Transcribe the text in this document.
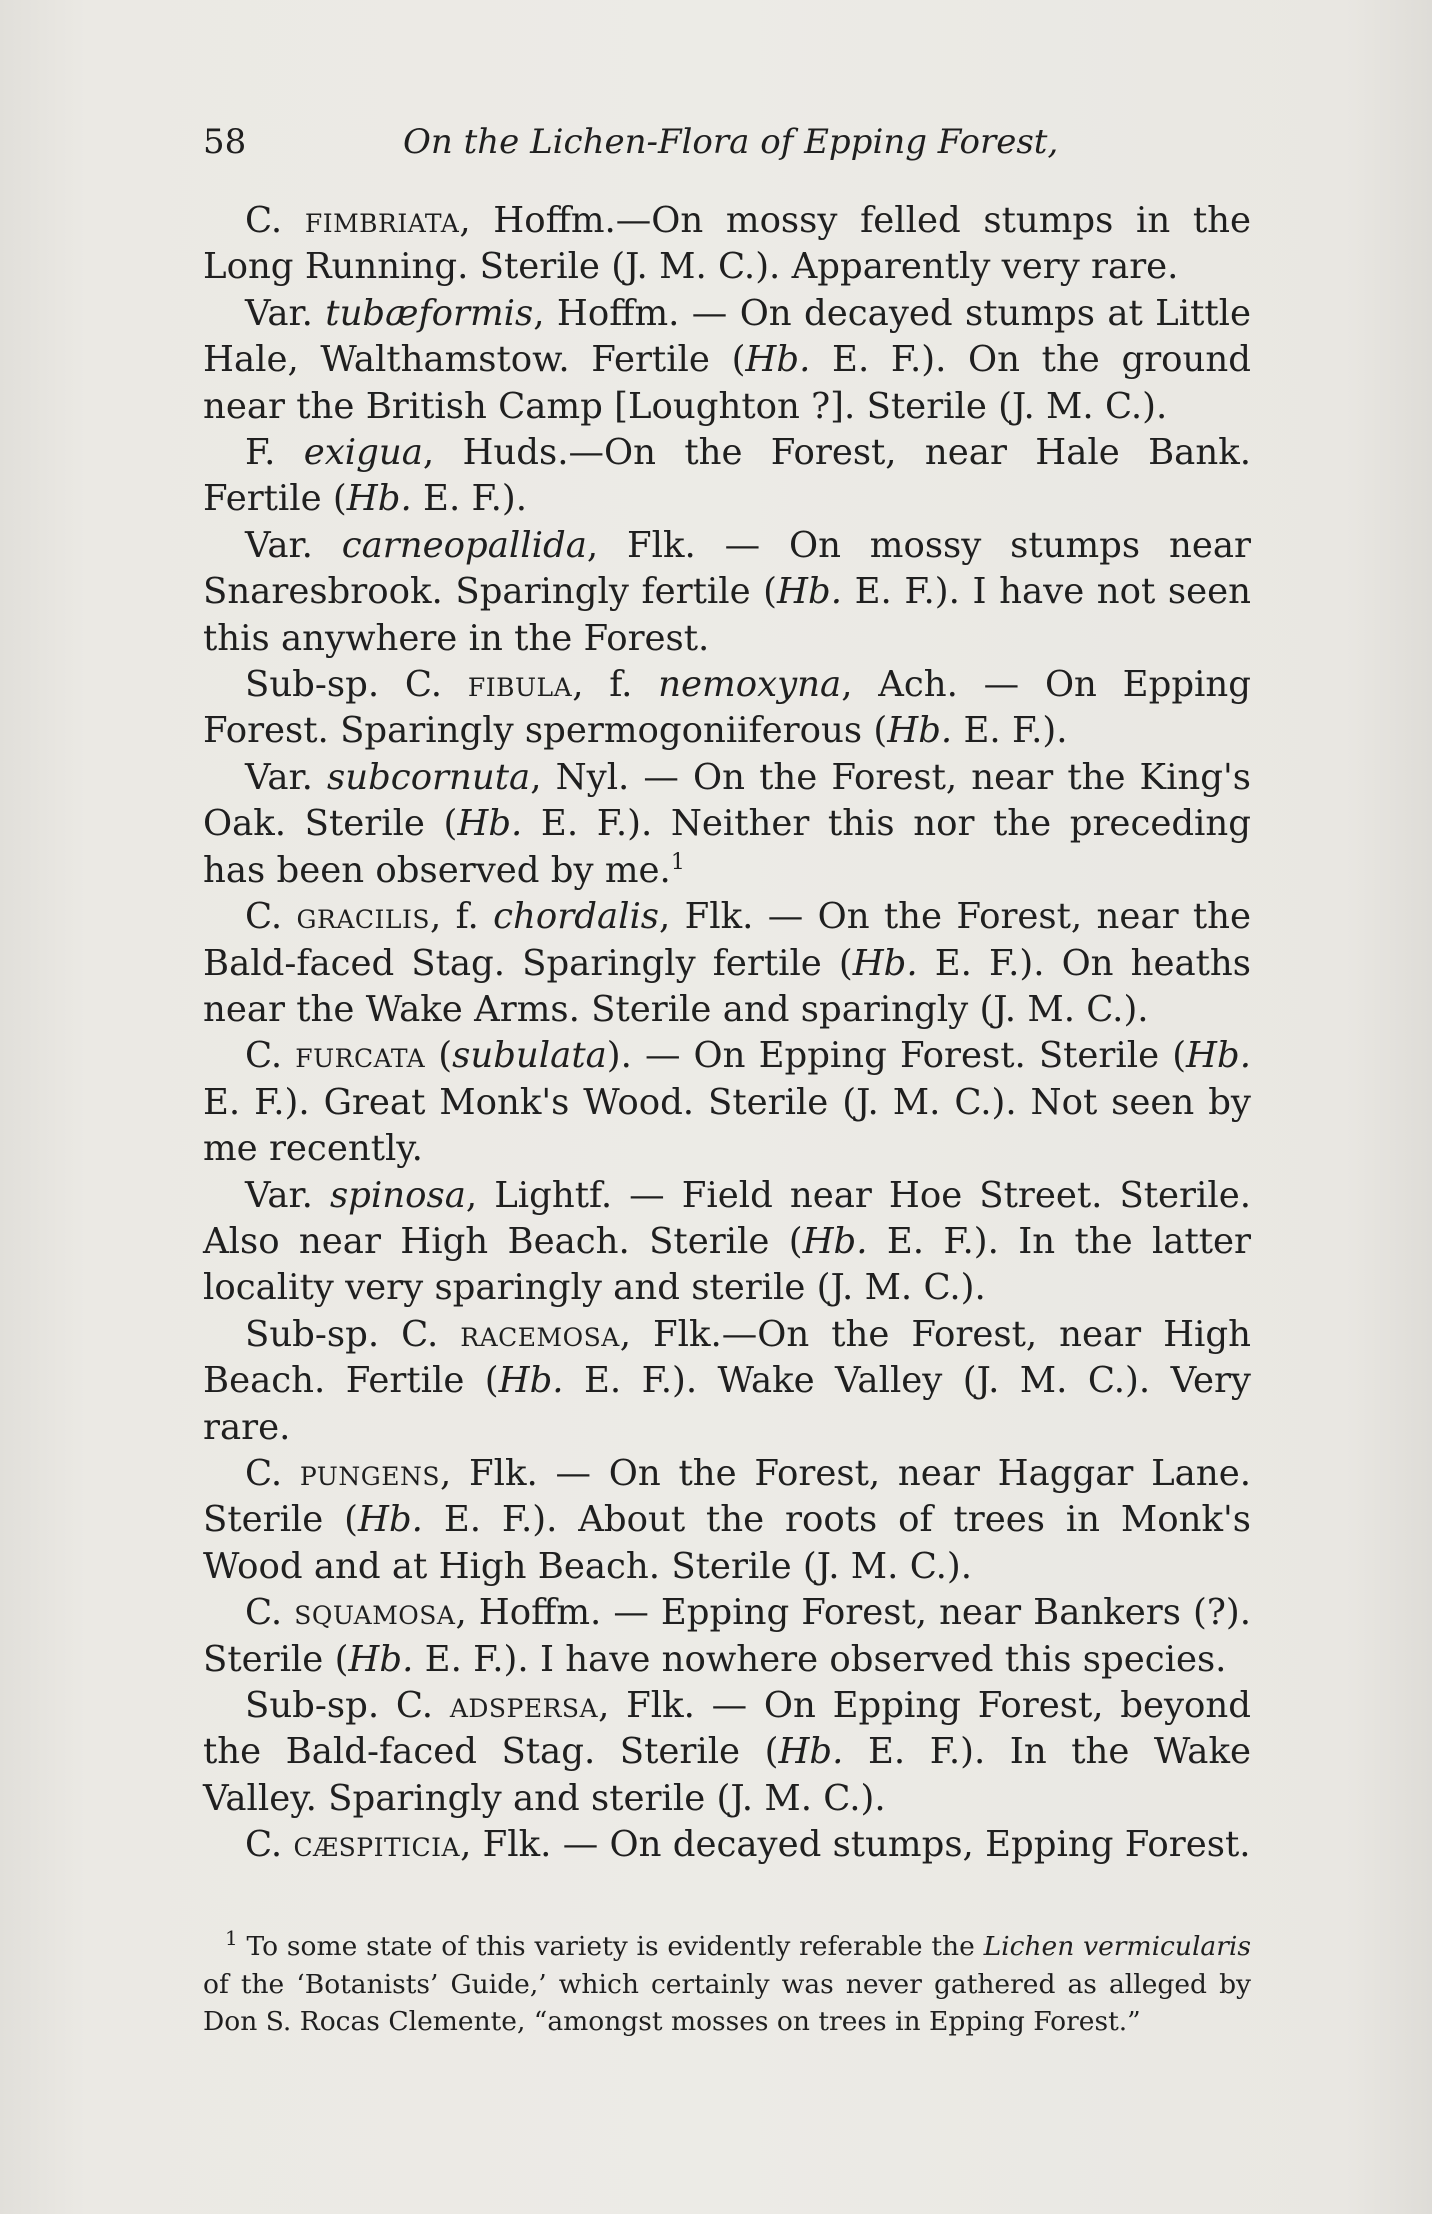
58	On the Lichen-Flora of Epping Forest,

C. fimbriata, Hoffm.—On mossy felled stumps in the Long Running. Sterile (J. M. C.). Apparently very rare.

Var. tubæformis, Hoffm. — On decayed stumps at Little Hale, Walthamstow. Fertile (Hb. E. F.). On the ground near the British Camp [Loughton ?]. Sterile (J. M. C.).

F. exigua, Huds.—On the Forest, near Hale Bank. Fertile (Hb. E. F.).

Var. carneopallida, Flk. — On mossy stumps near Snaresbrook. Sparingly fertile (Hb. E. F.). I have not seen this anywhere in the Forest.

Sub-sp. C. fibula, f. nemoxyna, Ach. — On Epping Forest. Sparingly spermogoniiferous (Hb. E. F.).

Var. subcornuta, Nyl. — On the Forest, near the King's Oak. Sterile (Hb. E. F.). Neither this nor the preceding has been observed by me.$^1$

C. gracilis, f. chordalis, Flk. — On the Forest, near the Bald-faced Stag. Sparingly fertile (Hb. E. F.). On heaths near the Wake Arms. Sterile and sparingly (J. M. C.).

C. furcata (subulata). — On Epping Forest. Sterile (Hb. E. F.). Great Monk's Wood. Sterile (J. M. C.). Not seen by me recently.

Var. spinosa, Lightf. — Field near Hoe Street. Sterile. Also near High Beach. Sterile (Hb. E. F.). In the latter locality very sparingly and sterile (J. M. C.).

Sub-sp. C. racemosa, Flk.—On the Forest, near High Beach. Fertile (Hb. E. F.). Wake Valley (J. M. C.). Very rare.

C. pungens, Flk. — On the Forest, near Haggar Lane. Sterile (Hb. E. F.). About the roots of trees in Monk's Wood and at High Beach. Sterile (J. M. C.).

C. squamosa, Hoffm. — Epping Forest, near Bankers (?). Sterile (Hb. E. F.). I have nowhere observed this species.

Sub-sp. C. adspersa, Flk. — On Epping Forest, beyond the Bald-faced Stag. Sterile (Hb. E. F.). In the Wake Valley. Sparingly and sterile (J. M. C.).

C. cæspiticia, Flk. — On decayed stumps, Epping Forest.

$^1$ To some state of this variety is evidently referable the Lichen vermicularis of the ‘Botanists’ Guide,’ which certainly was never gathered as alleged by Don S. Rocas Clemente, “amongst mosses on trees in Epping Forest.”
